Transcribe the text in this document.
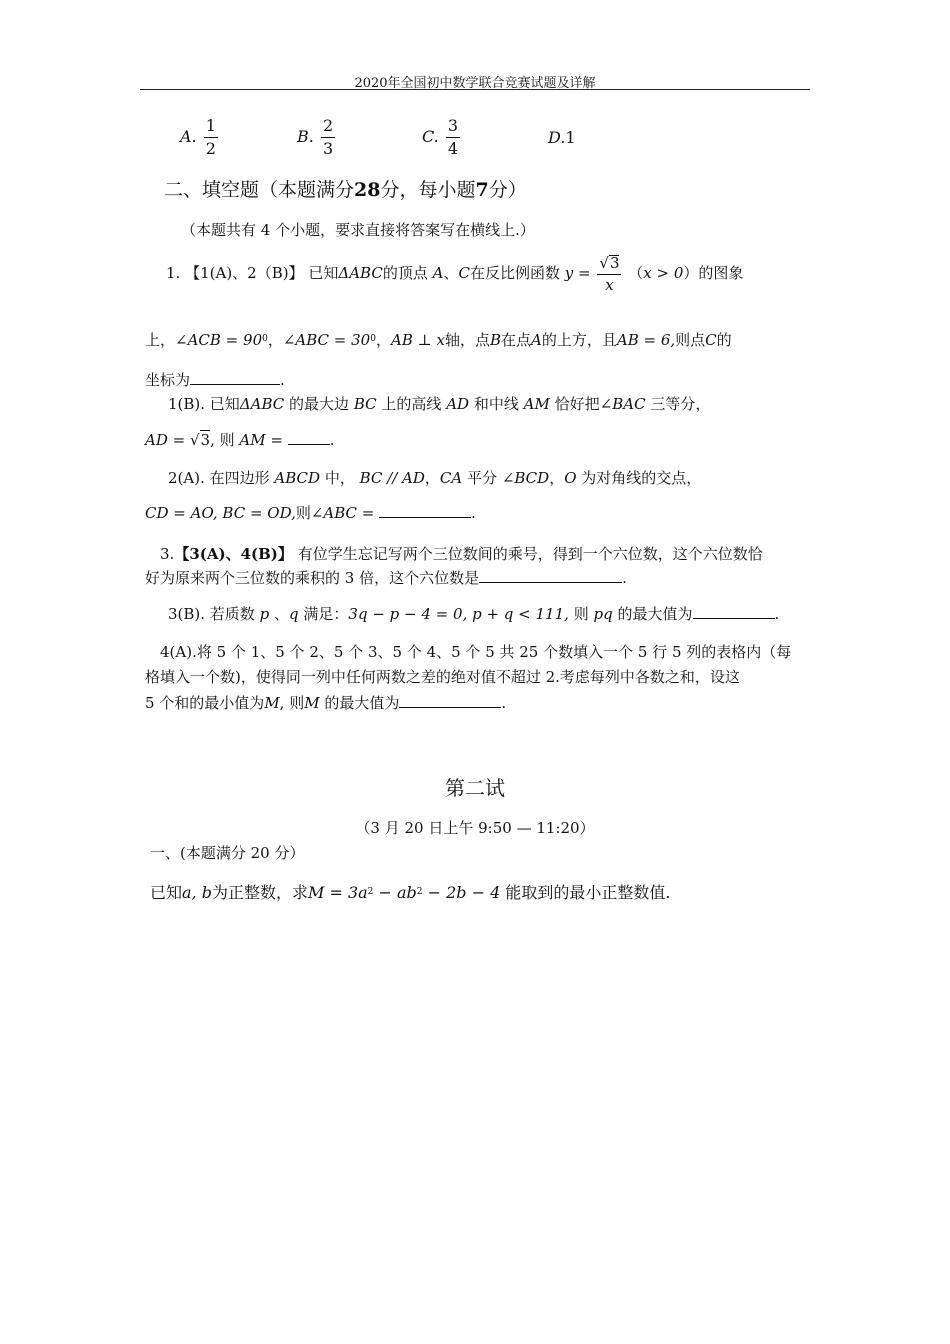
2020年全国初中数学联合竞赛试题及详解
A. $\frac{1}{2}$	B. $\frac{2}{3}$	C. $\frac{3}{4}$	D.1
二、填空题（本题满分28分，每小题7分）
（本题共有 4 个小题，要求直接将答案写在横线上.）
1. 【1(A)、2（B)】 已知ΔABC的顶点 A、C在反比例函数 $y = \frac{√3}{x} (x > 0)$的图象
上，∠ACB = $90^0$，∠ABC = $30^0$，AB ⊥ x轴，点B在点A的上方，且AB = 6,则点C的
坐标为	.
1(B). 已知ΔABC 的最大边 BC 上的高线 AD 和中线 AM 恰好把∠BAC 三等分，
AD = √3, 则 AM =	.
2(A). 在四边形 ABCD 中， BC // AD，CA 平分 ∠BCD，O 为对角线的交点，
CD = AO, BC = OD,则∠ABC =	.
3.【3(A)、4(B)】 有位学生忘记写两个三位数间的乘号，得到一个六位数，这个六位数恰
好为原来两个三位数的乘积的 3 倍，这个六位数是	.
3(B). 若质数 p 、q 满足：3q − p − 4 = 0, p + q < 111, 则 pq 的最大值为	.
4(A).将 5 个 1、5 个 2、5 个 3、5 个 4、5 个 5 共 25 个数填入一个 5 行 5 列的表格内（每
格填入一个数)，使得同一列中任何两数之差的绝对值不超过 2.考虑每列中各数之和，设这
5 个和的最小值为M, 则M 的最大值为	.
第二试
（3 月 20 日上午 9:50 — 11:20）
一、(本题满分 20 分）
已知a, b为正整数，求$M = 3a^2 - ab^2 - 2b - 4$ 能取到的最小正整数值.
